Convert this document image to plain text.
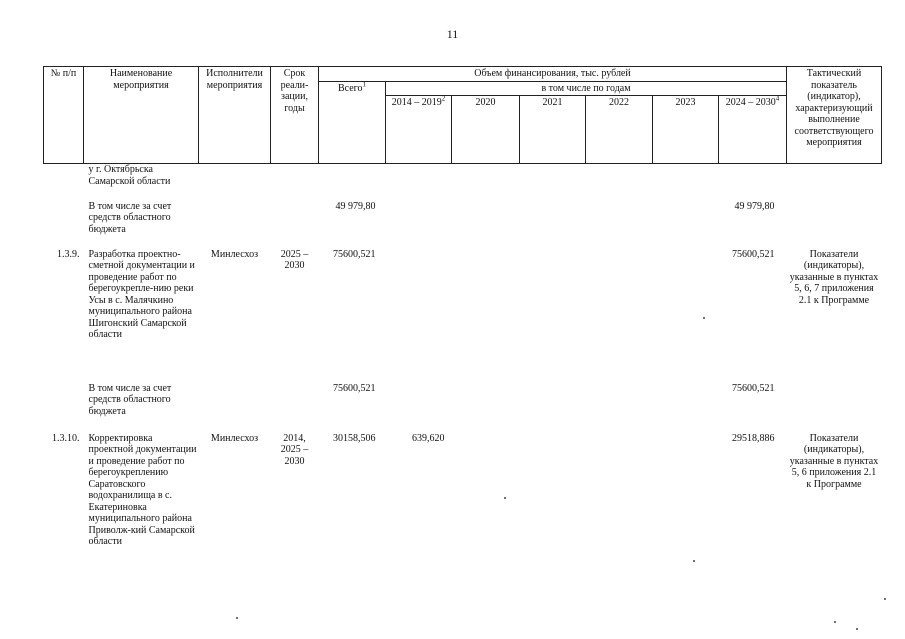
11
№ п/п	Наименование мероприятия	Исполнители мероприятия	Срок реали-зации, годы	Объем финансирования, тыс. рублей							Тактический показатель (индикатор), характеризующий выполнение соответствующего мероприятия
				Всего$^1$	в том числе по годам						
					2014 – 2019$^2$	2020	2021	2022	2023	2024 – 2030$^4$
	у г. Октябрьска Самарской области										
	В том числе за счет средств областного бюджета			49 979,80						49 979,80	
1.3.9.	Разработка проектно-сметной документации и проведение работ по берегоукрепле-нию реки Усы в с. Малячкино муниципального района Шигонский Самарской области	Минлесхоз	2025 – 2030	75600,521						75600,521	Показатели (индикаторы), указанные в пунктах 5, 6, 7 приложения 2.1 к Программе
	В том числе за счет средств областного бюджета			75600,521						75600,521	
1.3.10.	Корректировка проектной документации и проведение работ по берегоукреплению Саратовского водохранилища в с. Екатериновка муниципального района Приволж-кий Самарской области	Минлесхоз	2014, 2025 – 2030	30158,506	639,620					29518,886	Показатели (индикаторы), указанные в пунктах 5, 6 приложения 2.1 к Программе
